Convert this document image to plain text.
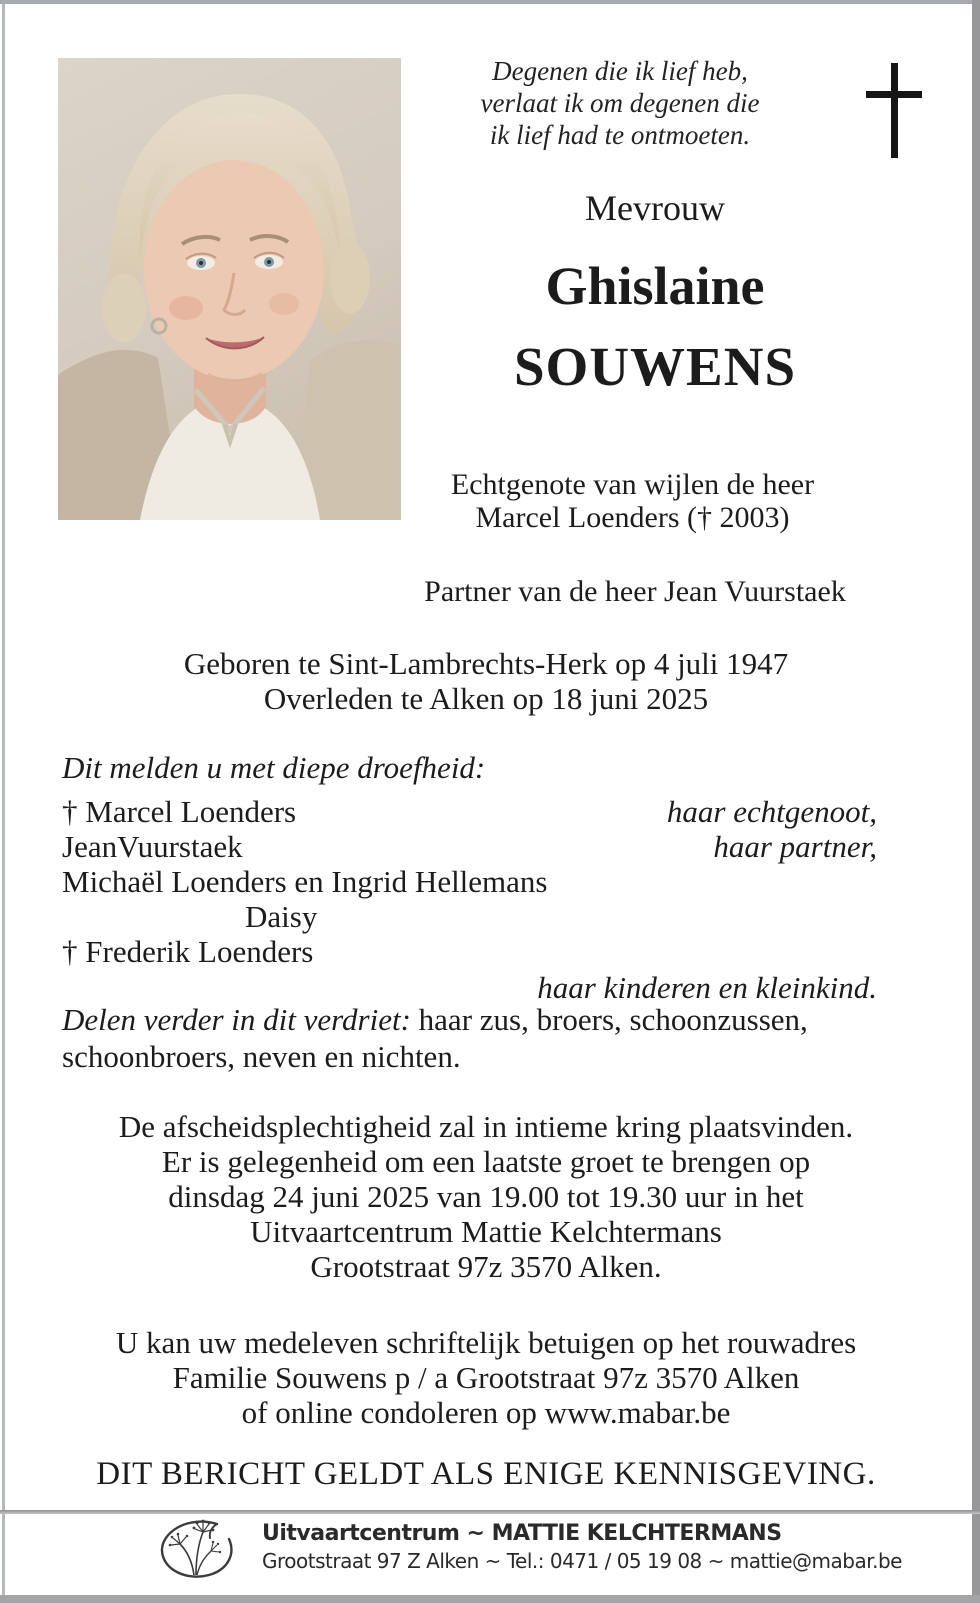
Degenen die ik lief heb,
verlaat ik om degenen die
ik lief had te ontmoeten.
Mevrouw
Ghislaine
SOUWENS
Echtgenote van wijlen de heer
Marcel Loenders († 2003)
Partner van de heer Jean Vuurstaek
Geboren te Sint-Lambrechts-Herk op 4 juli 1947
Overleden te Alken op 18 juni 2025
Dit melden u met diepe droefheid:
† Marcel Loenders	haar echtgenoot,
JeanVuurstaek	haar partner,
Michaël Loenders en Ingrid Hellemans
Daisy
† Frederik Loenders
haar kinderen en kleinkind.
Delen verder in dit verdriet: haar zus, broers, schoonzussen,
schoonbroers, neven en nichten.
De afscheidsplechtigheid zal in intieme kring plaatsvinden.
Er is gelegenheid om een laatste groet te brengen op
dinsdag 24 juni 2025 van 19.00 tot 19.30 uur in het
Uitvaartcentrum Mattie Kelchtermans
Grootstraat 97z 3570 Alken.
U kan uw medeleven schriftelijk betuigen op het rouwadres
Familie Souwens p / a Grootstraat 97z 3570 Alken
of online condoleren op www.mabar.be
DIT BERICHT GELDT ALS ENIGE KENNISGEVING.
Uitvaartcentrum ~ MATTIE KELCHTERMANS
Grootstraat 97 Z Alken ~ Tel.: 0471 / 05 19 08 ~ mattie@mabar.be
